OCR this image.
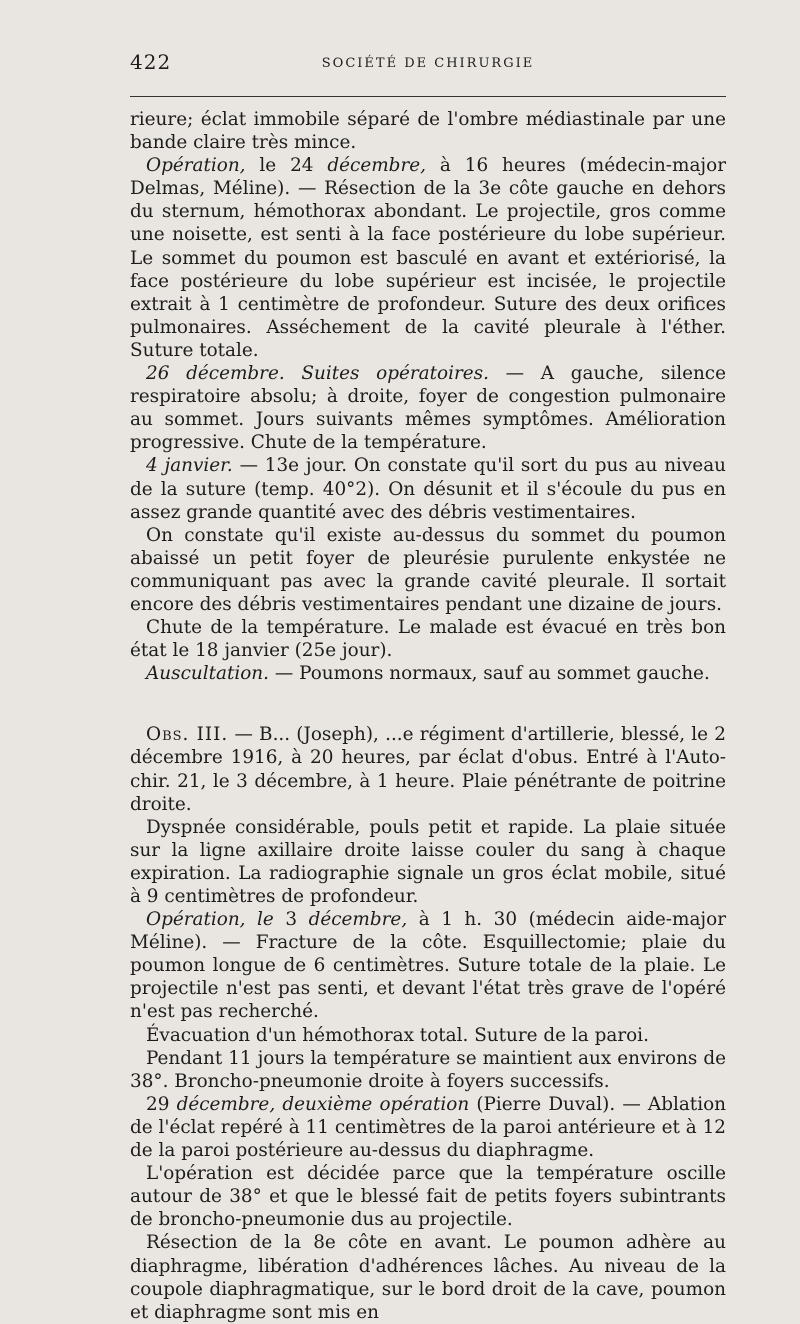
422	SOCIÉTÉ DE CHIRURGIE

rieure; éclat immobile séparé de l'ombre médiastinale par une bande claire très mince.

Opération, le 24 décembre, à 16 heures (médecin-major Delmas, Méline). — Résection de la 3e côte gauche en dehors du sternum, hémothorax abondant. Le projectile, gros comme une noisette, est senti à la face postérieure du lobe supérieur. Le sommet du poumon est basculé en avant et extériorisé, la face postérieure du lobe supérieur est incisée, le projectile extrait à 1 centimètre de profondeur. Suture des deux orifices pulmonaires. Asséchement de la cavité pleurale à l'éther. Suture totale.

26 décembre. Suites opératoires. — A gauche, silence respiratoire absolu; à droite, foyer de congestion pulmonaire au sommet. Jours suivants mêmes symptômes. Amélioration progressive. Chute de la température.

4 janvier. — 13e jour. On constate qu'il sort du pus au niveau de la suture (temp. 40°2). On désunit et il s'écoule du pus en assez grande quantité avec des débris vestimentaires.

On constate qu'il existe au-dessus du sommet du poumon abaissé un petit foyer de pleurésie purulente enkystée ne communiquant pas avec la grande cavité pleurale. Il sortait encore des débris vestimentaires pendant une dizaine de jours.

Chute de la température. Le malade est évacué en très bon état le 18 janvier (25e jour).

Auscultation. — Poumons normaux, sauf au sommet gauche.

Obs. III. — B... (Joseph), ...e régiment d'artillerie, blessé, le 2 décembre 1916, à 20 heures, par éclat d'obus. Entré à l'Auto-chir. 21, le 3 décembre, à 1 heure. Plaie pénétrante de poitrine droite.

Dyspnée considérable, pouls petit et rapide. La plaie située sur la ligne axillaire droite laisse couler du sang à chaque expiration. La radiographie signale un gros éclat mobile, situé à 9 centimètres de profondeur.

Opération, le 3 décembre, à 1 h. 30 (médecin aide-major Méline). — Fracture de la côte. Esquillectomie; plaie du poumon longue de 6 centimètres. Suture totale de la plaie. Le projectile n'est pas senti, et devant l'état très grave de l'opéré n'est pas recherché.

Évacuation d'un hémothorax total. Suture de la paroi.

Pendant 11 jours la température se maintient aux environs de 38°. Broncho-pneumonie droite à foyers successifs.

29 décembre, deuxième opération (Pierre Duval). — Ablation de l'éclat repéré à 11 centimètres de la paroi antérieure et à 12 de la paroi postérieure au-dessus du diaphragme.

L'opération est décidée parce que la température oscille autour de 38° et que le blessé fait de petits foyers subintrants de broncho-pneumonie dus au projectile.

Résection de la 8e côte en avant. Le poumon adhère au diaphragme, libération d'adhérences lâches. Au niveau de la coupole diaphragmatique, sur le bord droit de la cave, poumon et diaphragme sont mis en
